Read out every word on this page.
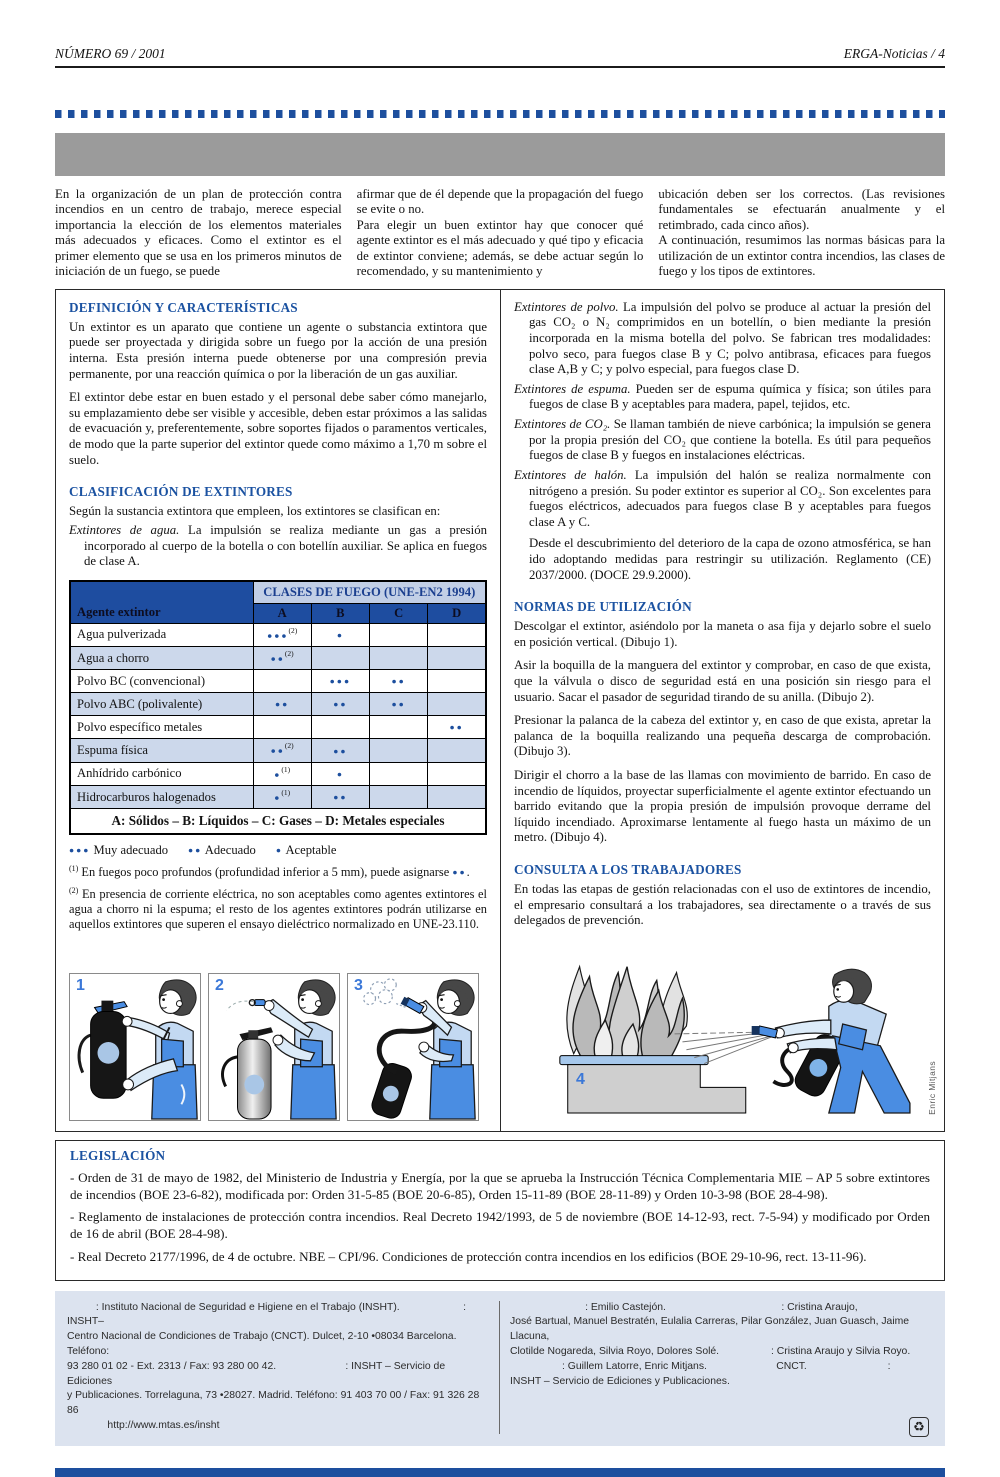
NÚMERO 69 / 2001	ERGA-Noticias / 4

En la organización de un plan de protección contra incendios en un centro de trabajo, merece especial importancia la elección de los elementos materiales más adecuados y eficaces. Como el extintor es el primer elemento que se usa en los primeros minutos de iniciación de un fuego, se puede

afirmar que de él depende que la propagación del fuego se evite o no.

Para elegir un buen extintor hay que conocer qué agente extintor es el más adecuado y qué tipo y eficacia de extintor conviene; además, se debe actuar según lo recomendado, y su mantenimiento y

ubicación deben ser los correctos. (Las revisiones fundamentales se efectuarán anualmente y el retimbrado, cada cinco años).

A continuación, resumimos las normas básicas para la utilización de un extintor contra incendios, las clases de fuego y los tipos de extintores.

DEFINICIÓN Y CARACTERÍSTICAS

Un extintor es un aparato que contiene un agente o substancia extintora que puede ser proyectada y dirigida sobre un fuego por la acción de una presión interna. Esta presión interna puede obtenerse por una compresión previa permanente, por una reacción química o por la liberación de un gas auxiliar.

El extintor debe estar en buen estado y el personal debe saber cómo manejarlo, su emplazamiento debe ser visible y accesible, deben estar próximos a las salidas de evacuación y, preferentemente, sobre soportes fijados o paramentos verticales, de modo que la parte superior del extintor quede como máximo a 1,70 m sobre el suelo.

CLASIFICACIÓN DE EXTINTORES

Según la sustancia extintora que empleen, los extintores se clasifican en:

Extintores de agua. La impulsión se realiza mediante un gas a presión incorporado al cuerpo de la botella o con botellín auxiliar. Se aplica en fuegos de clase A.

Agente extintor	CLASES DE FUEGO (UNE-EN2 1994)			
	A	B	C	D
Agua pulverizada	●●●$^{(2)}$	●		
Agua a chorro	●●$^{(2)}$			
Polvo BC (convencional)		●●●	●●	
Polvo ABC (polivalente)	●●	●●	●●	
Polvo específico metales				●●
Espuma física	●●$^{(2)}$	●●		
Anhídrido carbónico	●$^{(1)}$	●		
Hidrocarburos halogenados	●$^{(1)}$	●●		
A: Sólidos – B: Líquidos – C: Gases – D: Metales especiales				
●●● Muy adecuado ●● Adecuado ● Aceptable

$^{(1)}$ En fuegos poco profundos (profundidad inferior a 5 mm), puede asignarse ●●.

$^{(2)}$ En presencia de corriente eléctrica, no son aceptables como agentes extintores el agua a chorro ni la espuma; el resto de los agentes extintores podrán utilizarse en aquellos extintores que superen el ensayo dieléctrico normalizado en UNE-23.110.

1	2	3

Extintores de polvo. La impulsión del polvo se produce al actuar la presión del gas CO₂ o N₂ comprimidos en un botellín, o bien mediante la presión incorporada en la misma botella del polvo. Se fabrican tres modalidades: polvo seco, para fuegos clase B y C; polvo antibrasa, eficaces para fuegos clase A,B y C; y polvo especial, para fuegos clase D.

Extintores de espuma. Pueden ser de espuma química y física; son útiles para fuegos de clase B y aceptables para madera, papel, tejidos, etc.

Extintores de CO₂. Se llaman también de nieve carbónica; la impulsión se genera por la propia presión del CO₂ que contiene la botella. Es útil para pequeños fuegos de clase B y fuegos en instalaciones eléctricas.

Extintores de halón. La impulsión del halón se realiza normalmente con nitrógeno a presión. Su poder extintor es superior al CO₂. Son excelentes para fuegos eléctricos, adecuados para fuegos clase B y aceptables para fuegos clase A y C.

Desde el descubrimiento del deterioro de la capa de ozono atmosférica, se han ido adoptando medidas para restringir su utilización. Reglamento (CE) 2037/2000. (DOCE 29.9.2000).

NORMAS DE UTILIZACIÓN

Descolgar el extintor, asiéndolo por la maneta o asa fija y dejarlo sobre el suelo en posición vertical. (Dibujo 1).

Asir la boquilla de la manguera del extintor y comprobar, en caso de que exista, que la válvula o disco de seguridad está en una posición sin riesgo para el usuario. Sacar el pasador de seguridad tirando de su anilla. (Dibujo 2).

Presionar la palanca de la cabeza del extintor y, en caso de que exista, apretar la palanca de la boquilla realizando una pequeña descarga de comprobación. (Dibujo 3).

Dirigir el chorro a la base de las llamas con movimiento de barrido. En caso de incendio de líquidos, proyectar superficialmente el agente extintor efectuando un barrido evitando que la propia presión de impulsión provoque derrame del líquido incendiado. Aproximarse lentamente al fuego hasta un máximo de un metro. (Dibujo 4).

CONSULTA A LOS TRABAJADORES

En todas las etapas de gestión relacionadas con el uso de extintores de incendio, el empresario consultará a los trabajadores, sea directamente o a través de sus delegados de prevención.

4	Enric Mitjans
LEGISLACIÓN

- Orden de 31 de mayo de 1982, del Ministerio de Industria y Energía, por la que se aprueba la Instrucción Técnica Complementaria MIE – AP 5 sobre extintores de incendios (BOE 23-6-82), modificada por: Orden 31-5-85 (BOE 20-6-85), Orden 15-11-89 (BOE 28-11-89) y Orden 10-3-98 (BOE 28-4-98).

- Reglamento de instalaciones de protección contra incendios. Real Decreto 1942/1993, de 5 de noviembre (BOE 14-12-93, rect. 7-5-94) y modificado por Orden de 16 de abril (BOE 28-4-98).

- Real Decreto 2177/1996, de 4 de octubre. NBE – CPI/96. Condiciones de protección contra incendios en los edificios (BOE 29-10-96, rect. 13-11-96).

: Instituto Nacional de Seguridad e Higiene en el Trabajo (INSHT).                      : INSHT–
Centro Nacional de Condiciones de Trabajo (CNCT). Dulcet, 2-10 •08034 Barcelona. Teléfono:
93 280 01 02 - Ext. 2313 / Fax: 93 280 00 42.                        : INSHT – Servicio de Ediciones
y Publicaciones. Torrelaguna, 73 •28027. Madrid. Teléfono: 91 403 70 00 / Fax: 91 326 28 86
http://www.mtas.es/insht
: Emilio Castejón.                                        : Cristina Araujo,
José Bartual, Manuel Bestratén, Eulalia Carreras, Pilar González, Juan Guasch, Jaime Llacuna,
Clotilde Nogareda, Silvia Royo, Dolores Solé.                  : Cristina Araujo y Silvia Royo.
: Guillem Latorre, Enric Mitjans.                        CNCT.                            :
INSHT – Servicio de Ediciones y Publicaciones.
♻
